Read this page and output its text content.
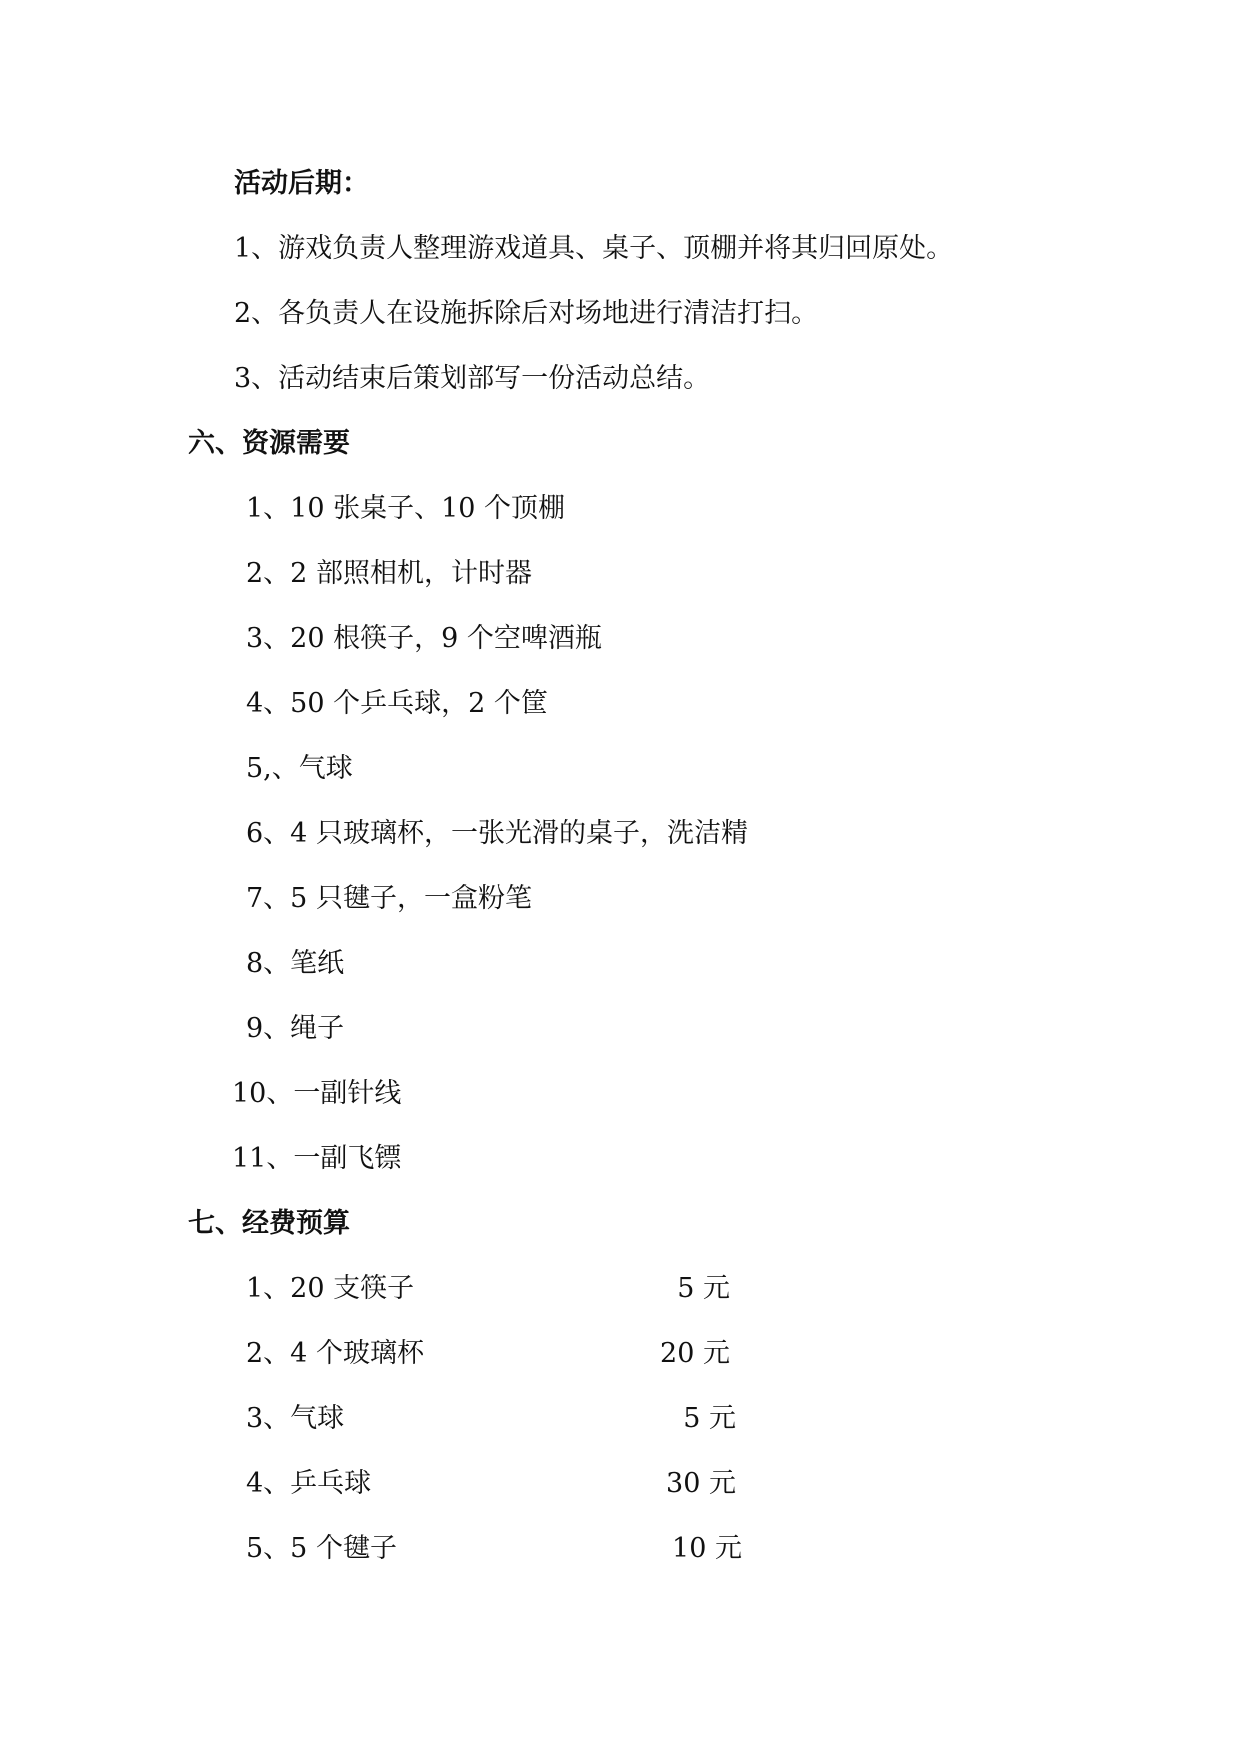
活动后期：
1、游戏负责人整理游戏道具、桌子、顶棚并将其归回原处。
2、各负责人在设施拆除后对场地进行清洁打扫。
3、活动结束后策划部写一份活动总结。
六、资源需要
1、10 张桌子、10 个顶棚
2、2 部照相机，计时器
3、20 根筷子，9 个空啤酒瓶
4、50 个乒乓球，2 个筐
5,、气球
6、4 只玻璃杯，一张光滑的桌子，洗洁精
7、5 只毽子，一盒粉笔
8、笔纸
9、绳子
10、一副针线
11、一副飞镖
七、经费预算
1、20 支筷子	5 元
2、4 个玻璃杯	20 元
3、气球	5 元
4、乒乓球	30 元
5、5 个毽子	10 元
